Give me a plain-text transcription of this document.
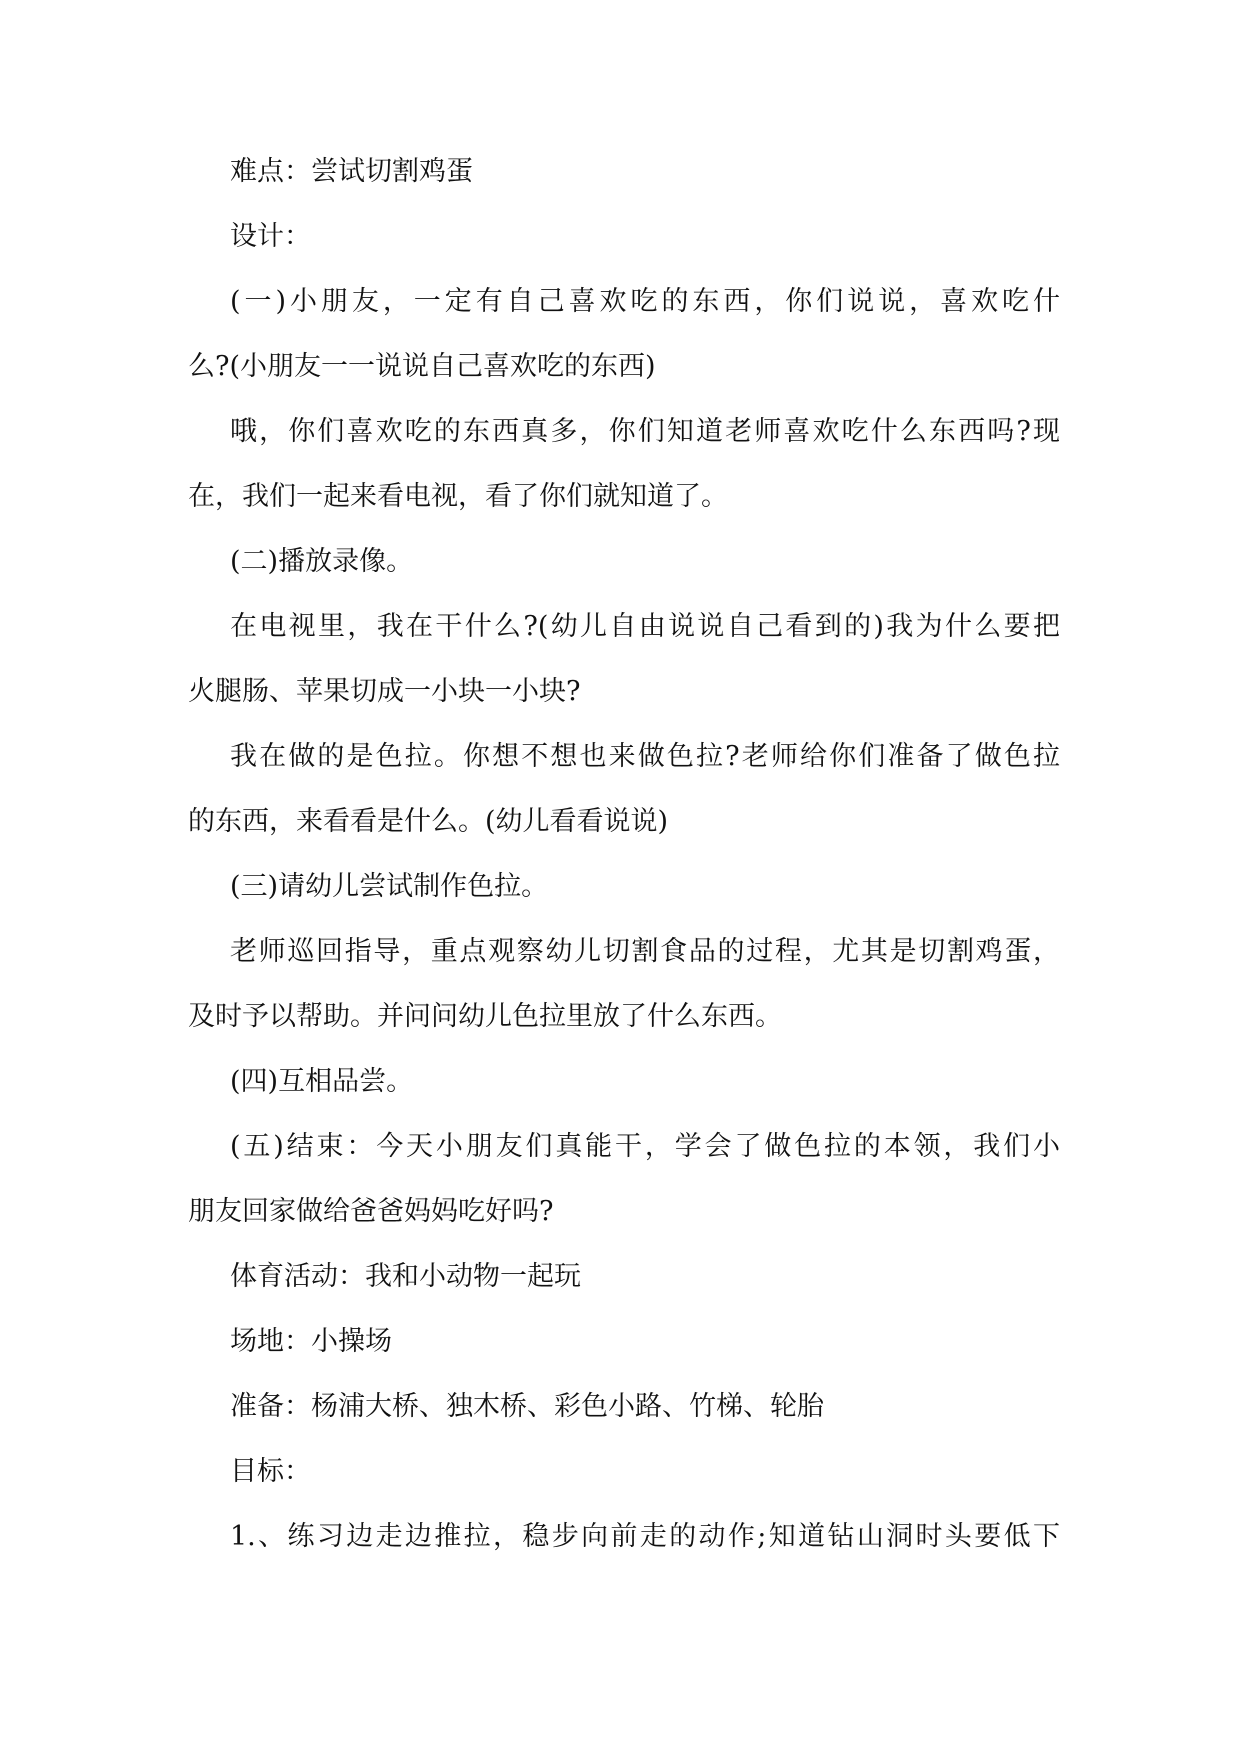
难点：尝试切割鸡蛋
设计：
(一)小朋友，一定有自己喜欢吃的东西，你们说说，喜欢吃什
么?(小朋友一一说说自己喜欢吃的东西)
哦，你们喜欢吃的东西真多，你们知道老师喜欢吃什么东西吗?现
在，我们一起来看电视，看了你们就知道了。
(二)播放录像。
在电视里，我在干什么?(幼儿自由说说自己看到的)我为什么要把
火腿肠、苹果切成一小块一小块?
我在做的是色拉。你想不想也来做色拉?老师给你们准备了做色拉
的东西，来看看是什么。(幼儿看看说说)
(三)请幼儿尝试制作色拉。
老师巡回指导，重点观察幼儿切割食品的过程，尤其是切割鸡蛋，
及时予以帮助。并问问幼儿色拉里放了什么东西。
(四)互相品尝。
(五)结束：今天小朋友们真能干，学会了做色拉的本领，我们小
朋友回家做给爸爸妈妈吃好吗?
体育活动：我和小动物一起玩
场地：小操场
准备：杨浦大桥、独木桥、彩色小路、竹梯、轮胎
目标：
1.、练习边走边推拉，稳步向前走的动作;知道钻山洞时头要低下
